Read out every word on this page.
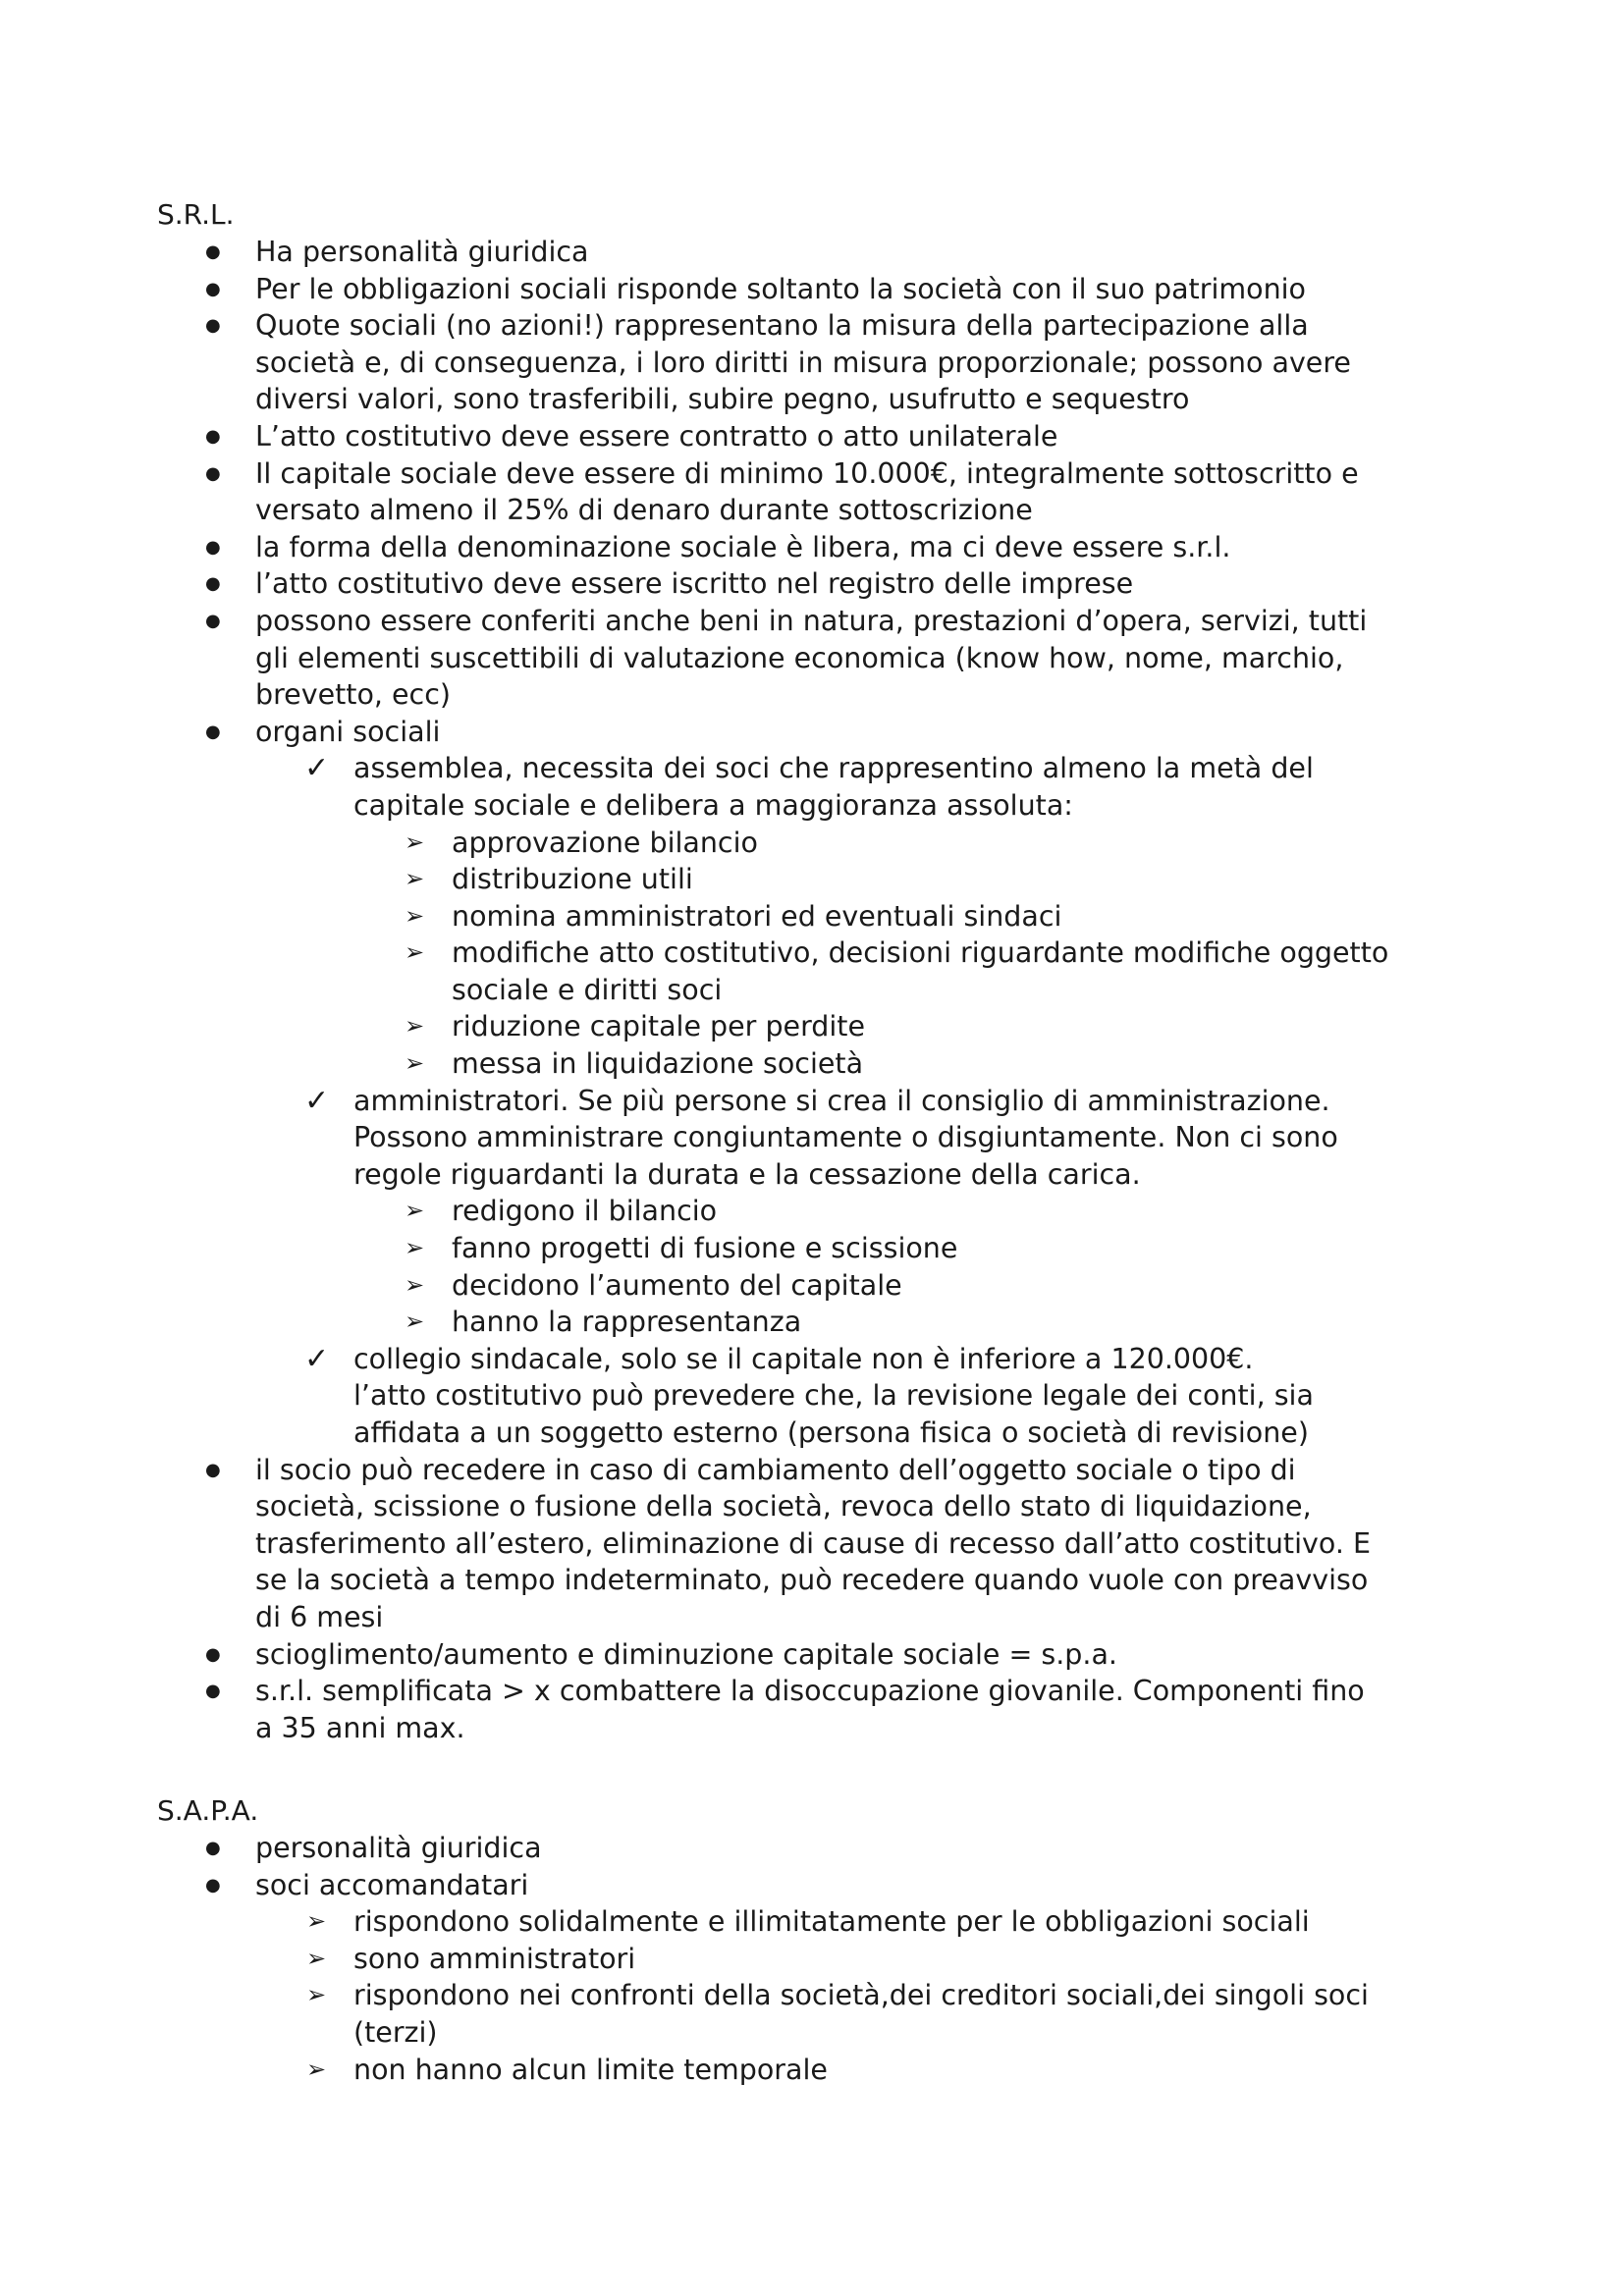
S.R.L.
● Ha personalità giuridica
● Per le obbligazioni sociali risponde soltanto la società con il suo patrimonio
● Quote sociali (no azioni!) rappresentano la misura della partecipazione alla
società e, di conseguenza, i loro diritti in misura proporzionale; possono avere
diversi valori, sono trasferibili, subire pegno, usufrutto e sequestro
● L’atto costitutivo deve essere contratto o atto unilaterale
● Il capitale sociale deve essere di minimo 10.000€, integralmente sottoscritto e
versato almeno il 25% di denaro durante sottoscrizione
● la forma della denominazione sociale è libera, ma ci deve essere s.r.l.
● l’atto costitutivo deve essere iscritto nel registro delle imprese
● possono essere conferiti anche beni in natura, prestazioni d’opera, servizi, tutti
gli elementi suscettibili di valutazione economica (know how, nome, marchio,
brevetto, ecc)
● organi sociali
✓ assemblea, necessita dei soci che rappresentino almeno la metà del
capitale sociale e delibera a maggioranza assoluta:
➢ approvazione bilancio
➢ distribuzione utili
➢ nomina amministratori ed eventuali sindaci
➢ modifiche atto costitutivo, decisioni riguardante modifiche oggetto
sociale e diritti soci
➢ riduzione capitale per perdite
➢ messa in liquidazione società
✓ amministratori. Se più persone si crea il consiglio di amministrazione.
Possono amministrare congiuntamente o disgiuntamente. Non ci sono
regole riguardanti la durata e la cessazione della carica.
➢ redigono il bilancio
➢ fanno progetti di fusione e scissione
➢ decidono l’aumento del capitale
➢ hanno la rappresentanza
✓ collegio sindacale, solo se il capitale non è inferiore a 120.000€.
l’atto costitutivo può prevedere che, la revisione legale dei conti, sia
affidata a un soggetto esterno (persona fisica o società di revisione)
● il socio può recedere in caso di cambiamento dell’oggetto sociale o tipo di
società, scissione o fusione della società, revoca dello stato di liquidazione,
trasferimento all’estero, eliminazione di cause di recesso dall’atto costitutivo. E
se la società a tempo indeterminato, può recedere quando vuole con preavviso
di 6 mesi
● scioglimento/aumento e diminuzione capitale sociale = s.p.a.
● s.r.l. semplificata > x combattere la disoccupazione giovanile. Componenti fino
a 35 anni max.
S.A.P.A.
● personalità giuridica
● soci accomandatari
➢ rispondono solidalmente e illimitatamente per le obbligazioni sociali
➢ sono amministratori
➢ rispondono nei confronti della società,dei creditori sociali,dei singoli soci
(terzi)
➢ non hanno alcun limite temporale
